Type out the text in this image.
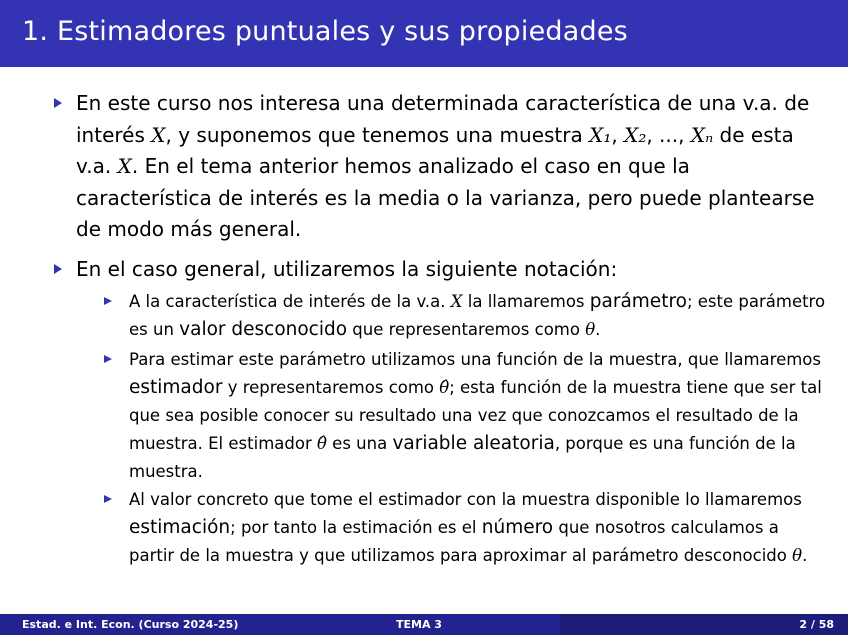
1. Estimadores puntuales y sus propiedades
En este curso nos interesa una determinada característica de una v.a. de interés X, y suponemos que tenemos una muestra X₁, X₂, ..., Xₙ de esta v.a. X. En el tema anterior hemos analizado el caso en que la característica de interés es la media o la varianza, pero puede plantearse de modo más general.
En el caso general, utilizaremos la siguiente notación:
A la característica de interés de la v.a. X la llamaremos parámetro; este parámetro es un valor desconocido que representaremos como θ.
Para estimar este parámetro utilizamos una función de la muestra, que llamaremos estimador y representaremos como θ̂; esta función de la muestra tiene que ser tal que sea posible conocer su resultado una vez que conozcamos el resultado de la muestra. El estimador θ̂ es una variable aleatoria, porque es una función de la muestra.
Al valor concreto que tome el estimador con la muestra disponible lo llamaremos estimación; por tanto la estimación es el número que nosotros calculamos a partir de la muestra y que utilizamos para aproximar al parámetro desconocido θ.
Estad. e Int. Econ. (Curso 2024-25)	TEMA 3	2 / 58
